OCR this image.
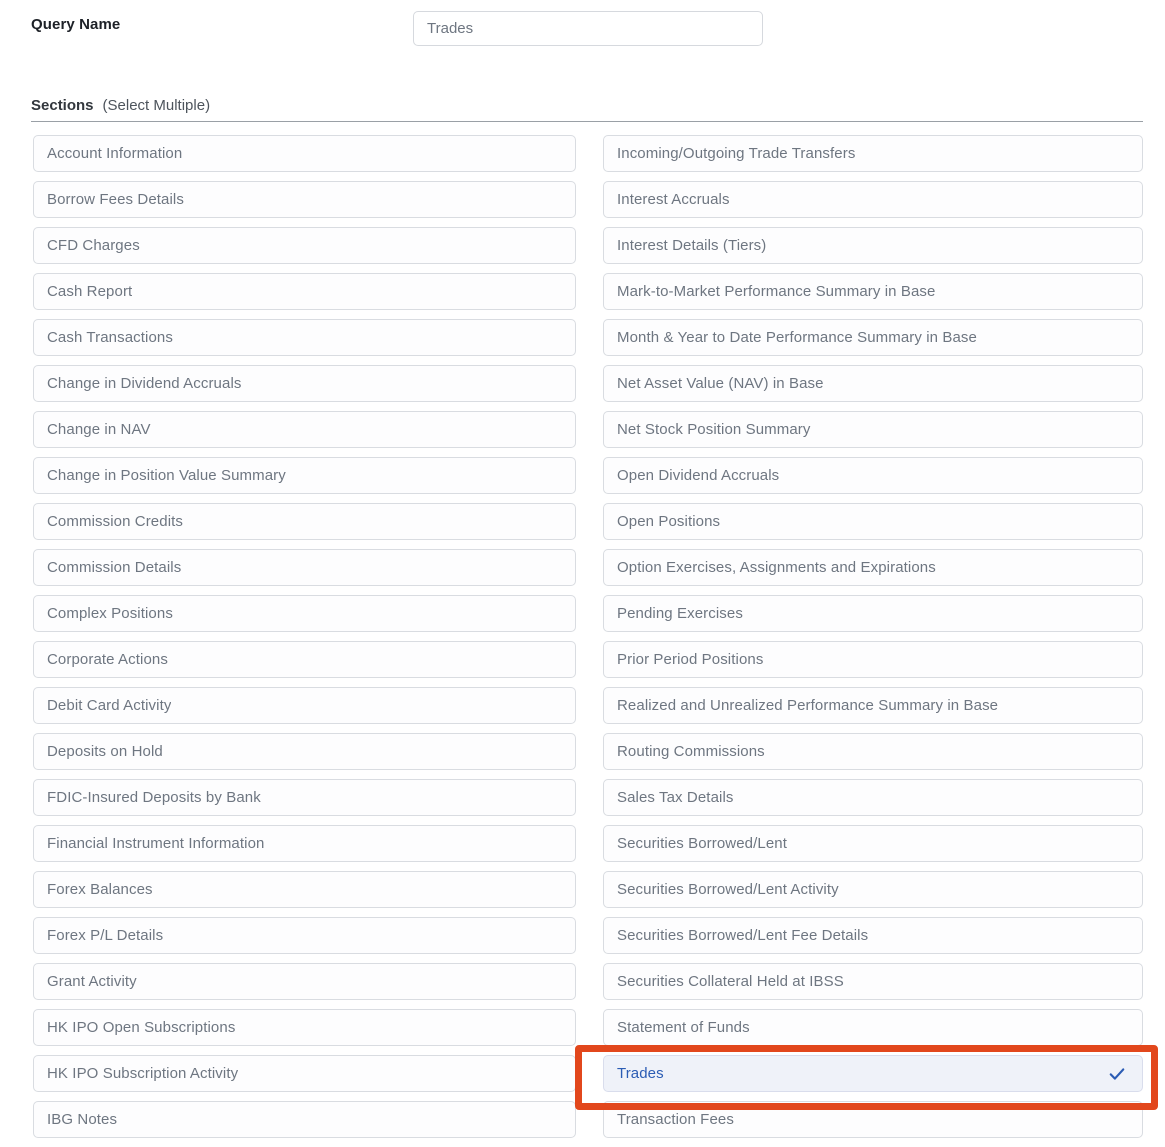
Query Name
Trades
Sections (Select Multiple)
Account Information
Borrow Fees Details
CFD Charges
Cash Report
Cash Transactions
Change in Dividend Accruals
Change in NAV
Change in Position Value Summary
Commission Credits
Commission Details
Complex Positions
Corporate Actions
Debit Card Activity
Deposits on Hold
FDIC-Insured Deposits by Bank
Financial Instrument Information
Forex Balances
Forex P/L Details
Grant Activity
HK IPO Open Subscriptions
HK IPO Subscription Activity
IBG Notes
Incoming/Outgoing Trade Transfers
Interest Accruals
Interest Details (Tiers)
Mark-to-Market Performance Summary in Base
Month & Year to Date Performance Summary in Base
Net Asset Value (NAV) in Base
Net Stock Position Summary
Open Dividend Accruals
Open Positions
Option Exercises, Assignments and Expirations
Pending Exercises
Prior Period Positions
Realized and Unrealized Performance Summary in Base
Routing Commissions
Sales Tax Details
Securities Borrowed/Lent
Securities Borrowed/Lent Activity
Securities Borrowed/Lent Fee Details
Securities Collateral Held at IBSS
Statement of Funds
Trades
Transaction Fees
